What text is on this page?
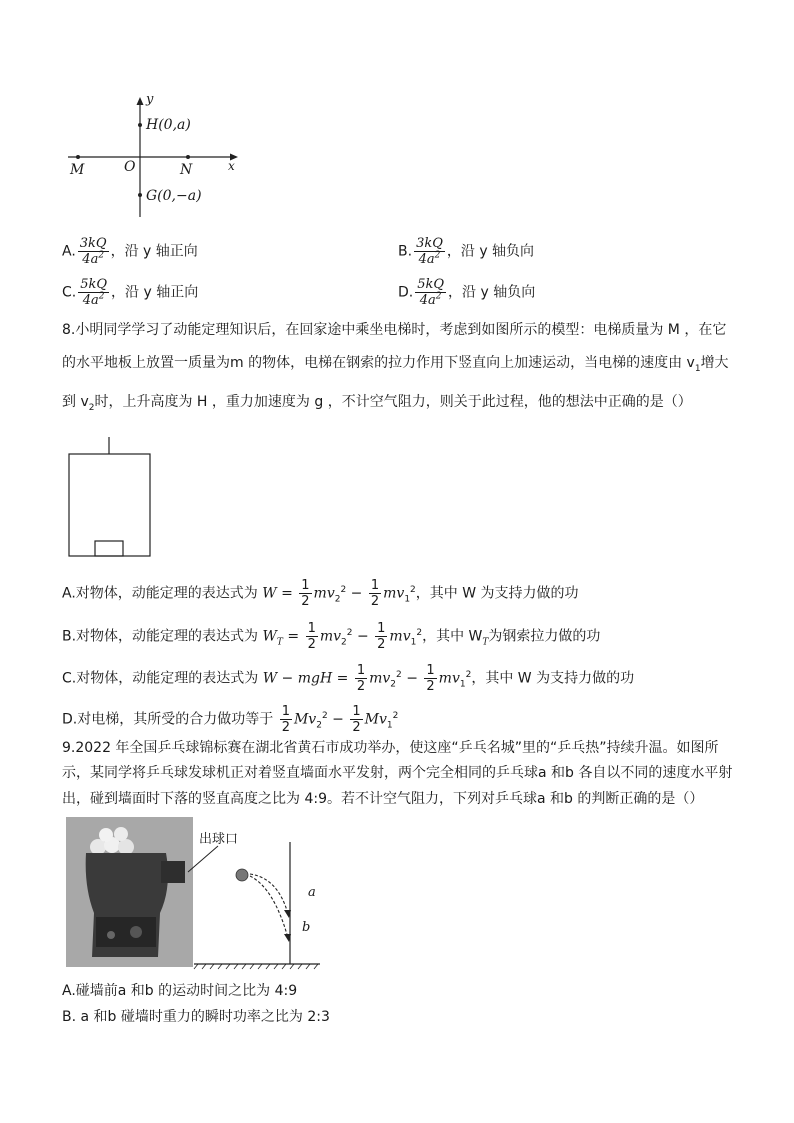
y
H(0,a)
O
M	N	x
G(0,−a)
A. $\frac{3kQ}{4a^2}$ ，沿 y 轴正向	B. $\frac{3kQ}{4a^2}$ ，沿 y 轴负向
C. $\frac{5kQ}{4a^2}$ ，沿 y 轴正向	D. $\frac{5kQ}{4a^2}$ ，沿 y 轴负向
8.小明同学学习了动能定理知识后，在回家途中乘坐电梯时，考虑到如图所示的模型：电梯质量为 M ，在它
的水平地板上放置一质量为m 的物体，电梯在钢索的拉力作用下竖直向上加速运动，当电梯的速度由 $v_1$增大
到 $v_2$时，上升高度为 H ，重力加速度为 g ，不计空气阻力，则关于此过程，他的想法中正确的是（）
A.对物体，动能定理的表达式为 $W = \frac{1}{2} mv_2^2 - \frac{1}{2} mv_1^2$，其中 W 为支持力做的功
B.对物体，动能定理的表达式为 $W_T = \frac{1}{2} mv_2^2 - \frac{1}{2} mv_1^2$，其中 $W_T$为钢索拉力做的功
C.对物体，动能定理的表达式为 W − mgH = $\frac{1}{2} mv_2^2 - \frac{1}{2} mv_1^2$，其中 W 为支持力做的功
D.对电梯，其所受的合力做功等于 $\frac{1}{2} Mv_2^2 - \frac{1}{2} Mv_1^2$
9.2022 年全国乒乓球锦标赛在湖北省黄石市成功举办，使这座“乒乓名城”里的“乒乓热”持续升温。如图所
示，某同学将乒乓球发球机正对着竖直墙面水平发射，两个完全相同的乒乓球a 和b 各自以不同的速度水平射
出，碰到墙面时下落的竖直高度之比为 4:9。若不计空气阻力，下列对乒乓球a 和b 的判断正确的是（）
出球口
a
b
A.碰墙前a 和b 的运动时间之比为 4:9
B. a 和b 碰墙时重力的瞬时功率之比为 2:3
